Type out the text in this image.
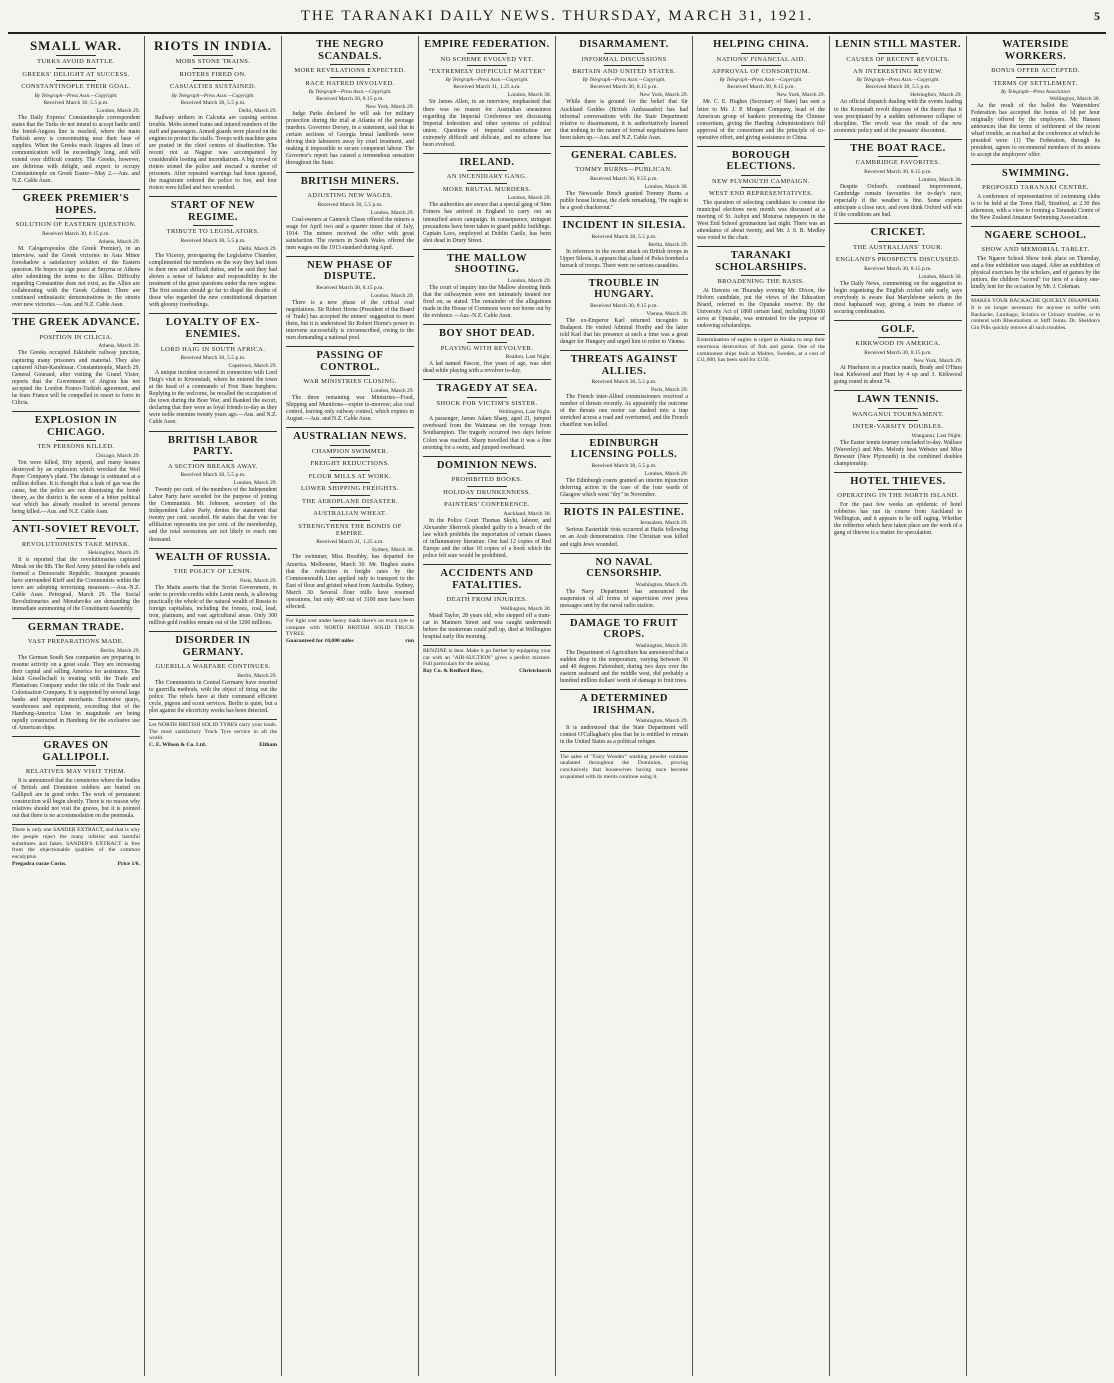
THE TARANAKI DAILY NEWS. THURSDAY, MARCH 31, 1921.	5
SMALL WAR.
TURKS AVOID BATTLE.
GREEKS' DELIGHT AT SUCCESS.
CONSTANTINOPLE THEIR GOAL.
By Telegraph—Press Assn.—Copyright.
Received March 30, 5.5 p.m.
London, March 29.
The Daily Express' Constantinople correspondent states that the Turks do not intend to accept battle until the Ismid-Angora line is reached, where the main Turkish army is concentrating near their base of supplies. When the Greeks reach Angora all lines of communication will be exceedingly long, and will extend over difficult country. The Greeks, however, are delirious with delight, and expect to occupy Constantinople on Greek Easter—May 2.—Aus. and N.Z. Cable Assn.
GREEK PREMIER'S HOPES.
SOLUTION OF EASTERN QUESTION.
Received March 30, 8.15 p.m.
Athens, March 29.
M. Calogeropoulos (the Greek Premier), in an interview, said the Greek victories in Asia Minor foreshadow a satisfactory solution of the Eastern question. He hopes to sign peace at Smyrna or Athens after submitting the terms to the Allies. Difficulty regarding Constantine does not exist, as the Allies are collaborating with the Greek Cabinet. There are continued enthusiastic demonstrations in the streets over new victories.—Aus. and N.Z. Cable Assn.
THE GREEK ADVANCE.
POSITION IN CILICIA.
Athens, March 29.
The Greeks occupied Eskishehr railway junction, capturing many prisoners and material. They also captured Afiun-Karahissar. Constantinople, March 29. General Gouraud, after visiting the Grand Vizier, reports that the Government of Angora has not accepted the London Franco-Turkish agreement, and he fears France will be compelled to resort to force in Cilicia.
EXPLOSION IN CHICAGO.
TEN PERSONS KILLED.
Chicago, March 29.
Ten were killed, fifty injured, and many houses destroyed by an explosion which wrecked the Weil Paper Company's plant. The damage is estimated at a million dollars. It is thought that a leak of gas was the cause, but the police are not dismissing the bomb theory, as the district is the scene of a bitter political war which has already resulted in several persons being killed.—Aus. and N.Z. Cable Assn.
ANTI-SOVIET REVOLT.
REVOLUTIONISTS TAKE MINSK.
Helsingfors, March 29.
It is reported that the revolutionaries captured Minsk on the 8th. The Red Army joined the rebels and formed a Democratic Republic. Insurgent peasants have surrounded Kieff and the Communists within the town are adopting terrorising measures.—Aus.-N.Z. Cable Assn. Petrograd, March 29. The Social Revolutionaries and Mensheviks are demanding the immediate summoning of the Constituent Assembly.
GERMAN TRADE.
VAST PREPARATIONS MADE.
Berlin, March 29.
The German South Sea companies are preparing to resume activity on a great scale. They are increasing their capital and selling America for assistance. The Jaluit Gesellschaft is treating with the Trade and Plantations Company under the title of the Trade and Colonisation Company. It is supported by several large banks and important merchants. Extensive quays, warehouses and equipment, exceeding that of the Hamburg-America Line in magnitude are being rapidly constructed in Hamburg for the exclusive use of American ships.
GRAVES ON GALLIPOLI.
RELATIVES MAY VISIT THEM.
It is announced that the cemeteries where the bodies of British and Dominion soldiers are buried on Gallipoli are in good order. The work of permanent construction will begin shortly. There is no reason why relatives should not visit the graves, but it is pointed out that there is no accommodation on the peninsula.
There is only one SANDER EXTRACT, and that is why the people reject the many inferior and harmful substitutes and fakes. SANDER'S EXTRACT is free from the objectionable qualities of the common eucalyptus.
Pregadra curae Corns.	Price 1/6.
RIOTS IN INDIA.
MOBS STONE TRAINS.
RIOTERS FIRED ON.
CASUALTIES SUSTAINED.
By Telegraph—Press Assn.—Copyright.
Received March 30, 5.5 p.m.
Delhi, March 29.
Railway strikers in Calcutta are causing serious trouble. Mobs stoned trains and injured numbers of the staff and passengers. Armed guards were placed on the engines to protect the staffs. Troops with machine guns are posted in the chief centres of disaffection. The recent riot at Nagpur was accompanied by considerable looting and incendiarism. A big crowd of rioters stoned the police and rescued a number of prisoners. After repeated warnings had been ignored, the magistrate ordered the police to fire, and four rioters were killed and two wounded.
START OF NEW REGIME.
TRIBUTE TO LEGISLATORS.
Received March 30, 5.5 p.m.
Delhi, March 29.
The Viceroy, prorogueing the Legislative Chamber, complimented the members on the way they had risen to their new and difficult duties, and he said they had shown a sense of balance and responsibility in the treatment of the great questions under the new regime. The first session should go far to dispel the doubts of those who regarded the new constitutional departure with gloomy forebodings.
LOYALTY OF EX-ENEMIES.
LORD HAIG IN SOUTH AFRICA.
Received March 30, 5.5 p.m.
Capetown, March 29.
A unique incident occurred in connection with Lord Haig's visit to Kroonstadt, where he entered the town at the head of a commando of Free State burghers. Replying to the welcome, he recalled the occupation of the town during the Boer War, and thanked the escort, declaring that they were as loyal friends to-day as they were noble enemies twenty years ago.—Aus. and N.Z. Cable Assn.
BRITISH LABOR PARTY.
A SECTION BREAKS AWAY.
Received March 30, 5.5 p.m.
London, March 29.
Twenty per cent. of the members of the Independent Labor Party have seceded for the purpose of joining the Communists. Mr. Johnson, secretary of the Independent Labor Party, denies the statement that twenty per cent. seceded. He states that the vote for affiliation represents ten per cent. of the membership, and the total secessions are not likely to reach one thousand.
WEALTH OF RUSSIA.
THE POLICY OF LENIN.
Paris, March 29.
The Matin asserts that the Soviet Government, in order to provide credits while Lenin needs, is allowing practically the whole of the natural wealth of Russia to foreign capitalists, including the forests, coal, lead, iron, platinum, and vast agricultural areas. Only 300 million gold roubles remain out of the 1200 millions.
DISORDER IN GERMANY.
GUERILLA WARFARE CONTINUES.
Berlin, March 29.
The Communists in Central Germany have resorted to guerrilla methods, with the object of tiring out the police. The rebels have at their command efficient cycle, pigeon and scout services. Berlin is quiet, but a plot against the electricity works has been detected.
Let NORTH BRITISH SOLID TYRES carry your loads. The most satisfactory Truck Tyre service in all the world.
C. E. Wilson & Co. Ltd.	Eltham
THE NEGRO SCANDALS.
MORE REVELATIONS EXPECTED.
RACE HATRED INVOLVED.
By Telegraph—Press Assn.—Copyright.
Received March 30, 8.15 p.m.
New York, March 29.
Judge Parks declared he will ask for military protection during the trial at Atlanta of the peonage murders. Governor Dorsey, in a statement, said that in certain sections of Georgia brutal landlords were driving their labourers away by cruel treatment, and making it impossible to secure competent labour. The Governor's report has caused a tremendous sensation throughout the State.
BRITISH MINERS.
ADJUSTING NEW WAGES.
Received March 30, 5.5 p.m.
London, March 29.
Coal-owners at Cannock Chase offered the miners a wage for April two and a quarter times that of July, 1914. The miners received the offer with great satisfaction. The owners in South Wales offered the men wages on the 1913 standard during April.
NEW PHASE OF DISPUTE.
Received March 30, 8.15 p.m.
London, March 29.
There is a new phase of the critical coal negotiations. Sir Robert Horne (President of the Board of Trade) has accepted the miners' suggestion to meet them, but it is understood Sir Robert Horne's power to intervene successfully is circumscribed, owing to the men demanding a national pool.
PASSING OF CONTROL.
WAR MINISTRIES CLOSING.
London, March 29.
The three remaining war Ministries—Food, Shipping and Munitions—expire to-morrow; also coal control, leaving only railway control, which expires in August.—Aus. and N.Z. Cable Assn.
AUSTRALIAN NEWS.
CHAMPION SWIMMER.
FREIGHT REDUCTIONS.
FLOUR MILLS AT WORK.
LOWER SHIPPING FREIGHTS.
THE AEROPLANE DISASTER.
AUSTRALIAN WHEAT.
STRENGTHENS THE BONDS OF EMPIRE.
Received March 31, 1.25 a.m.
Sydney, March 30.
The swimmer, Miss Boothby, has departed for America. Melbourne, March 30. Mr. Hughes states that the reduction in freight rates by the Commonwealth Line applied only to transport to the East of flour and gristed wheat from Australia. Sydney, March 30. Several flour mills have resumed operations, but only 400 out of 3100 men have been affected.
For light cost under heavy loads there's no truck tyre to compare with NORTH BRITISH SOLID TRUCK TYRES.
Guaranteed for 10,000 miles	run
EMPIRE FEDERATION.
NO SCHEME EVOLVED YET.
"EXTREMELY DIFFICULT MATTER"
By Telegraph—Press Assn.—Copyright.
Received March 31, 1.25 a.m.
London, March 30.
Sir James Allen, in an interview, emphasised that there was no reason for Australian uneasiness regarding the Imperial Conference not discussing Imperial federation and other systems of political union. Questions of imperial constitution are extremely difficult and delicate, and no scheme has been evolved.
IRELAND.
AN INCENDIARY GANG.
MORE BRUTAL MURDERS.
London, March 29.
The authorities are aware that a special gang of Sinn Feiners has arrived in England to carry out an intensified arson campaign. In consequence, stringent precautions have been taken to guard public buildings. Captain Lees, employed at Dublin Castle, has been shot dead in Drury Street.
THE MALLOW SHOOTING.
London, March 29.
The court of inquiry into the Mallow shooting finds that the railwaymen were not intimately treated nor fired on, as stated. The remainder of the allegations made in the House of Commons were not borne out by the evidence.—Aus.-N.Z. Cable Assn.
BOY SHOT DEAD.
PLAYING WITH REVOLVER.
Realton, Last Night.
A lad named Pascoe, five years of age, was shot dead while playing with a revolver to-day.
TRAGEDY AT SEA.
SHOCK FOR VICTIM'S SISTER.
Wellington, Last Night.
A passenger, James Adam Sharp, aged 21, jumped overboard from the Waimana on the voyage from Southampton. The tragedy occurred two days before Colon was reached. Sharp travelled that it was a fine morning for a swim, and jumped overboard.
DOMINION NEWS.
PROHIBITED BOOKS.
HOLIDAY DRUNKENNESS.
PAINTERS' CONFERENCE.
Auckland, March 30.
In the Police Court Thomas Skyhi, laborer, and Alexander Sherrock pleaded guilty to a breach of the law which prohibits the importation of certain classes of inflammatory literature. One had 12 copies of Red Europe and the other 10 copies of a book which the police felt sure would be prohibited.
ACCIDENTS AND FATALITIES.
DEATH FROM INJURIES.
Wellington, March 30.
Maud Taylor, 28 years old, who stepped off a tram-car in Manners Street and was caught underneath before the motorman could pull up, died at Wellington hospital early this morning.
BENZINE is dear. Make it go further by equipping your car with an "AIR-SUCTION" gives a perfect mixture. Full particulars for the asking.
Bay Co. & Redford Row,	Christchurch
DISARMAMENT.
INFORMAL DISCUSSIONS
BRITAIN AND UNITED STATES.
By Telegraph—Press Assn.—Copyright.
Received March 30, 8.15 p.m.
New York, March 29.
While there is ground for the belief that Sir Auckland Geddes (British Ambassador) has had informal conversations with the State Department relative to disarmament, it is authoritatively learned that nothing in the nature of formal negotiations have been taken up.—Aus. and N.Z. Cable Assn.
GENERAL CABLES.
TOMMY BURNS—PUBLICAN.
Received March 30, 9.55 p.m.
London, March 30.
The Newcastle Bench granted Tommy Burns a public house license, the clerk remarking, "He ought to be a good chuckerout."
INCIDENT IN SILESIA.
Received March 30, 5.5 p.m.
Berlin, March 29.
In reference to the recent attack on British troops in Upper Silesia, it appears that a band of Poles bombed a barrack of troops. There were no serious casualties.
TROUBLE IN HUNGARY.
Received March 30, 8.15 p.m.
Vienna, March 29.
The ex-Emperor Karl returned incognito to Budapest. He visited Admiral Horthy and the latter told Karl that his presence at such a time was a great danger for Hungary and urged him to retire to Vienna.
THREATS AGAINST ALLIES.
Received March 30, 5.5 p.m.
Paris, March 29.
The French inter-Allied commissioners received a number of threats recently. As apparently the outcome of the threats one motor car dashed into a trap stretched across a road and overturned, and the French chauffeur was killed.
EDINBURGH LICENSING POLLS.
Received March 30, 5.5 p.m.
London, March 29.
The Edinburgh courts granted an interim injunction deferring action in the case of the four wards of Glasgow which went "dry" in November.
RIOTS IN PALESTINE.
Jerusalem, March 29.
Serious Eastertide riots occurred at Haifa following on an Arab demonstration. One Christian was killed and eight Jews wounded.
NO NAVAL CENSORSHIP.
Washington, March 29.
The Navy Department has announced the suspension of all forms of supervision over press messages sent by the naval radio station.
DAMAGE TO FRUIT CROPS.
Washington, March 29.
The Department of Agriculture has announced that a sudden drop in the temperature, varying between 30 and 40 degrees Fahrenheit, during two days over the eastern seaboard and the middle west, did probably a hundred million dollars' worth of damage to fruit trees.
A DETERMINED IRISHMAN.
Washington, March 29.
It is understood that the State Department will contest O'Callaghan's plea that he is entitled to remain in the United States as a political refugee.
The sales of "Fairy Wonder" washing powder continue unabated throughout the Dominion, proving conclusively that housewives having once become acquainted with its merits continue using it.
HELPING CHINA.
NATIONS' FINANCIAL AID.
APPROVAL OF CONSORTIUM.
By Telegraph—Press Assn.—Copyright.
Received March 30, 8.15 p.m.
New York, March 29.
Mr. C. E. Hughes (Secretary of State) has sent a letter to Mr. J. P. Morgan Company, head of the American group of bankers promoting the Chinese consortium, giving the Harding Administration's full approval of the consortium and the principle of co-operative effort, and giving assistance to China.
BOROUGH ELECTIONS.
NEW PLYMOUTH CAMPAIGN.
WEST END REPRESENTATIVES.
The question of selecting candidates to contest the municipal elections next month was discussed at a meeting of St. Aubyn and Moturoa ratepayers in the West End School gymnasium last night. There was an attendance of about twenty, and Mr. J. S. B. Medley was voted to the chair.
TARANAKI SCHOLARSHIPS.
BROADENING THE BASIS.
At Hawera on Thursday evening Mr. Dixon, the Hoforn candidate, put the views of the Education Board, referred to the Opunake reserve. By the University Act of 1868 certain land, including 10,000 acres at Opunake, was entrusted for the purpose of endowing scholarships.
Extermination of eagles is urged in Alaska to stop their enormous destruction of fish and game. One of the commonest ships built at Malmo, Sweden, at a cost of £11,000, has been sold for £150.
LENIN STILL MASTER.
CAUSES OF RECENT REVOLTS.
AN INTERESTING REVIEW.
By Telegraph—Press Assn.—Copyright.
Received March 30, 5.5 p.m.
Helsingfors, March 29.
An official dispatch dealing with the events leading to the Kronstadt revolt disposes of the theory that it was precipitated by a sudden unforeseen collapse of discipline. The revolt was the result of the new economic policy and of the peasants' discontent.
THE BOAT RACE.
CAMBRIDGE FAVORITES.
Received March 30, 8.15 p.m.
London, March 30.
Despite Oxford's continued improvement, Cambridge remain favourites for to-day's race, especially if the weather is fine. Some experts anticipate a close race, and even think Oxford will win if the conditions are bad.
CRICKET.
THE AUSTRALIANS' TOUR.
ENGLAND'S PROSPECTS DISCUSSED.
Received March 30, 8.15 p.m.
London, March 30.
The Daily News, commenting on the suggestion to begin organising the English cricket side early, says everybody is aware that Marylebone selects in the most haphazard way, giving a team no chance of securing combination.
GOLF.
KIRKWOOD IN AMERICA.
Received March 30, 8.15 p.m.
New York, March 29.
At Pinehurst in a practice match, Brady and O'Hara beat Kirkwood and Hunt by 4 up and 3. Kirkwood going round in about 74.
LAWN TENNIS.
WANGANUI TOURNAMENT.
INTER-VARSITY DOUBLES.
Wanganui, Last Night.
The Easter tennis tourney concluded to-day. Wallace (Waverley) and Mrs. Melody beat Webster and Miss Brewster (New Plymouth) in the combined doubles championship.
HOTEL THIEVES.
OPERATING IN THE NORTH ISLAND.
For the past few weeks an epidemic of hotel robberies has run its course from Auckland to Wellington, and it appears to be still raging. Whether the robberies which have taken place are the work of a gang of thieves is a matter for speculation.
WATERSIDE WORKERS.
BONUS OFFER ACCEPTED.
TERMS OF SETTLEMENT.
By Telegraph—Press Association
Wellington, March 30.
As the result of the ballot the Watersiders' Federation has accepted the bonus of 1d per hour originally offered by the employers. Mr. Hansen announces that the terms of settlement of the recent wharf trouble, as reached at the conference at which he presided were: (1) The Federation, through its president, agrees to recommend members of its unions to accept the employers' offer.
SWIMMING.
PROPOSED TARANAKI CENTRE.
A conference of representatives of swimming clubs is to be held at the Town Hall, Stratford, at 2.30 this afternoon, with a view to forming a Taranaki Centre of the New Zealand Amateur Swimming Association.
NGAERE SCHOOL.
SHOW AND MEMORIAL TABLET.
The Ngaere School Show took place on Thursday, and a fine exhibition was staged. After an exhibition of physical exercises by the scholars, and of games by the juniors, the children "scored" for tiers of a daisy one-kindly lent for the occasion by Mr. J. Coleman.
MAKES YOUR BACKACHE QUICKLY DISAPPEAR. It is no longer necessary for anyone to suffer with Backache, Lumbago, Sciatica or Urinary troubles, or to contend with Rheumatism or Stiff Joints. Dr. Sheldon's Gin Pills quickly remove all such troubles.
